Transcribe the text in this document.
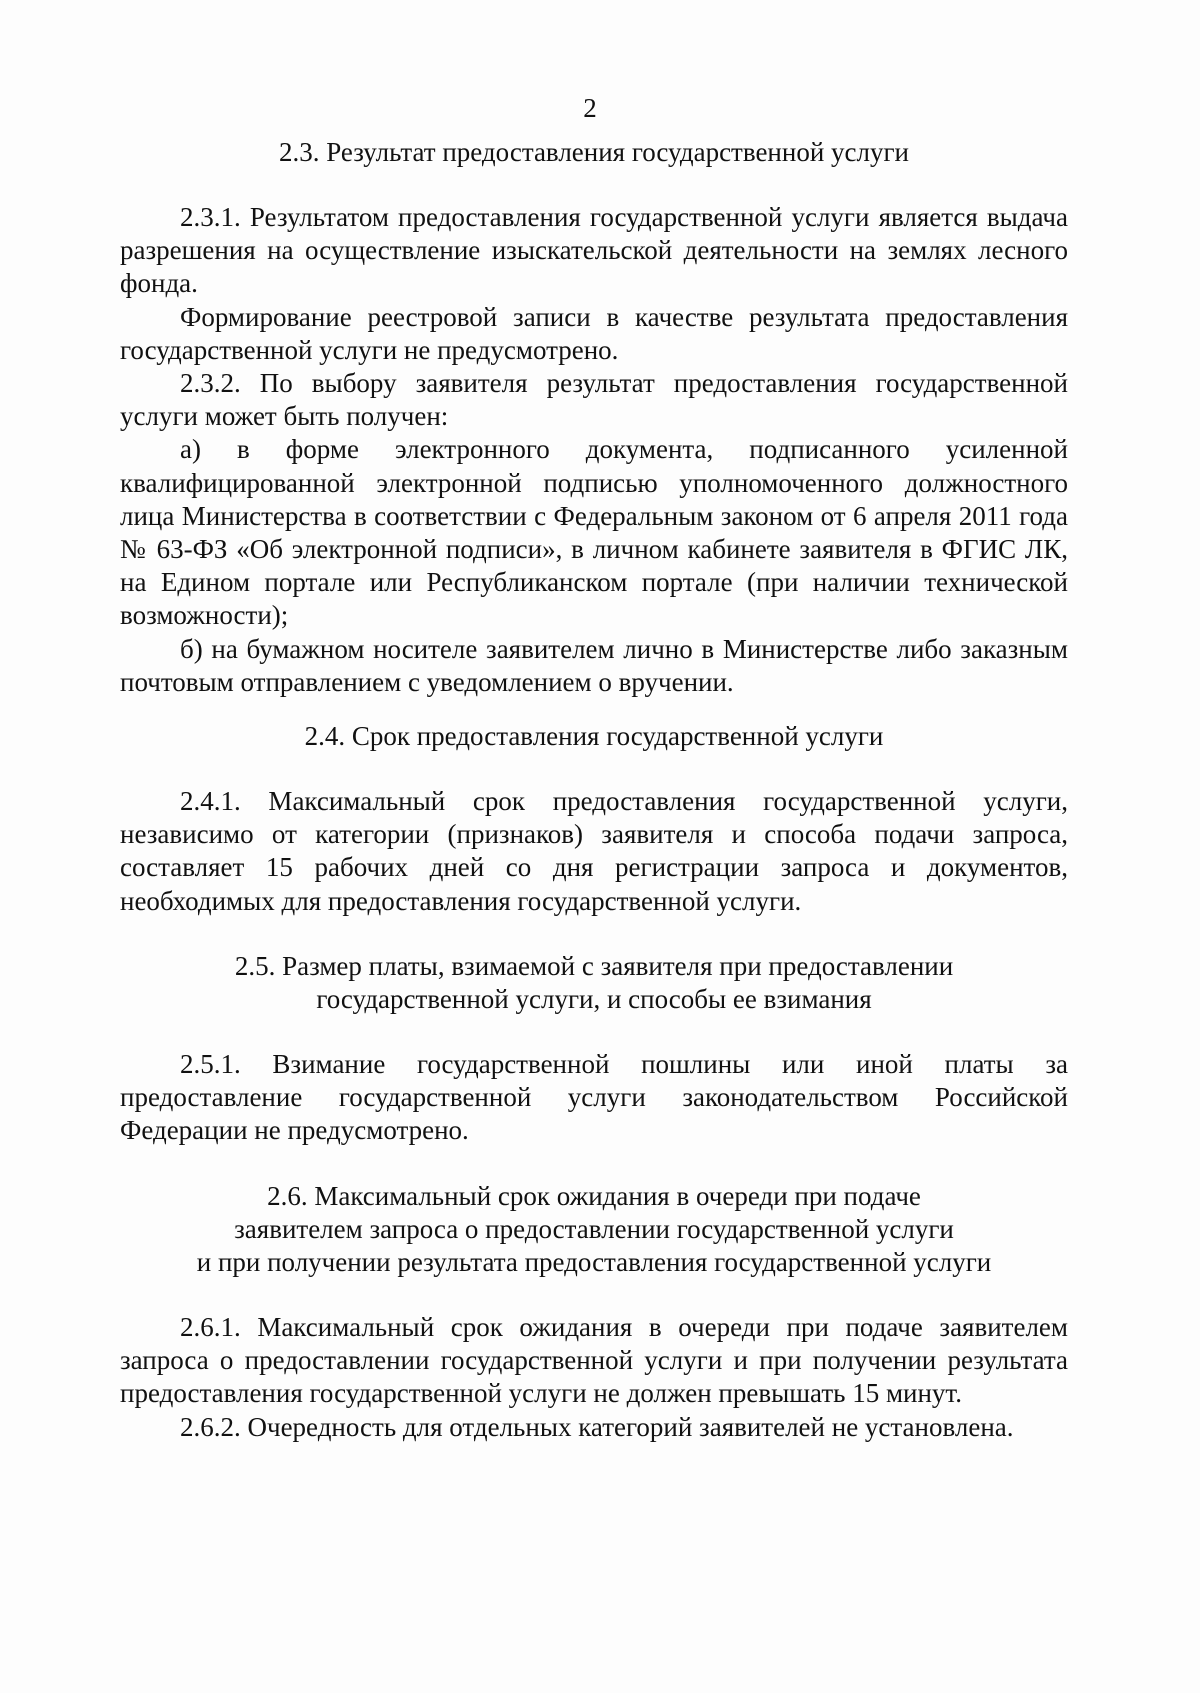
2

2.3. Результат предоставления государственной услуги

2.3.1. Результатом предоставления государственной услуги является выдача разрешения на осуществление изыскательской деятельности на землях лесного фонда.

Формирование реестровой записи в качестве результата предоставления государственной услуги не предусмотрено.

2.3.2. По выбору заявителя результат предоставления государственной услуги может быть получен:

а) в форме электронного документа, подписанного усиленной квалифицированной электронной подписью уполномоченного должностного лица Министерства в соответствии с Федеральным законом от 6 апреля 2011 года № 63-ФЗ «Об электронной подписи», в личном кабинете заявителя в ФГИС ЛК, на Едином портале или Республиканском портале (при наличии технической возможности);

б) на бумажном носителе заявителем лично в Министерстве либо заказным почтовым отправлением с уведомлением о вручении.

2.4. Срок предоставления государственной услуги

2.4.1. Максимальный срок предоставления государственной услуги, независимо от категории (признаков) заявителя и способа подачи запроса, составляет 15 рабочих дней со дня регистрации запроса и документов, необходимых для предоставления государственной услуги.

2.5. Размер платы, взимаемой с заявителя при предоставлении

государственной услуги, и способы ее взимания

2.5.1. Взимание государственной пошлины или иной платы за предоставление государственной услуги законодательством Российской Федерации не предусмотрено.

2.6. Максимальный срок ожидания в очереди при подаче

заявителем запроса о предоставлении государственной услуги

и при получении результата предоставления государственной услуги

2.6.1. Максимальный срок ожидания в очереди при подаче заявителем запроса о предоставлении государственной услуги и при получении результата предоставления государственной услуги не должен превышать 15 минут.

2.6.2. Очередность для отдельных категорий заявителей не установлена.
